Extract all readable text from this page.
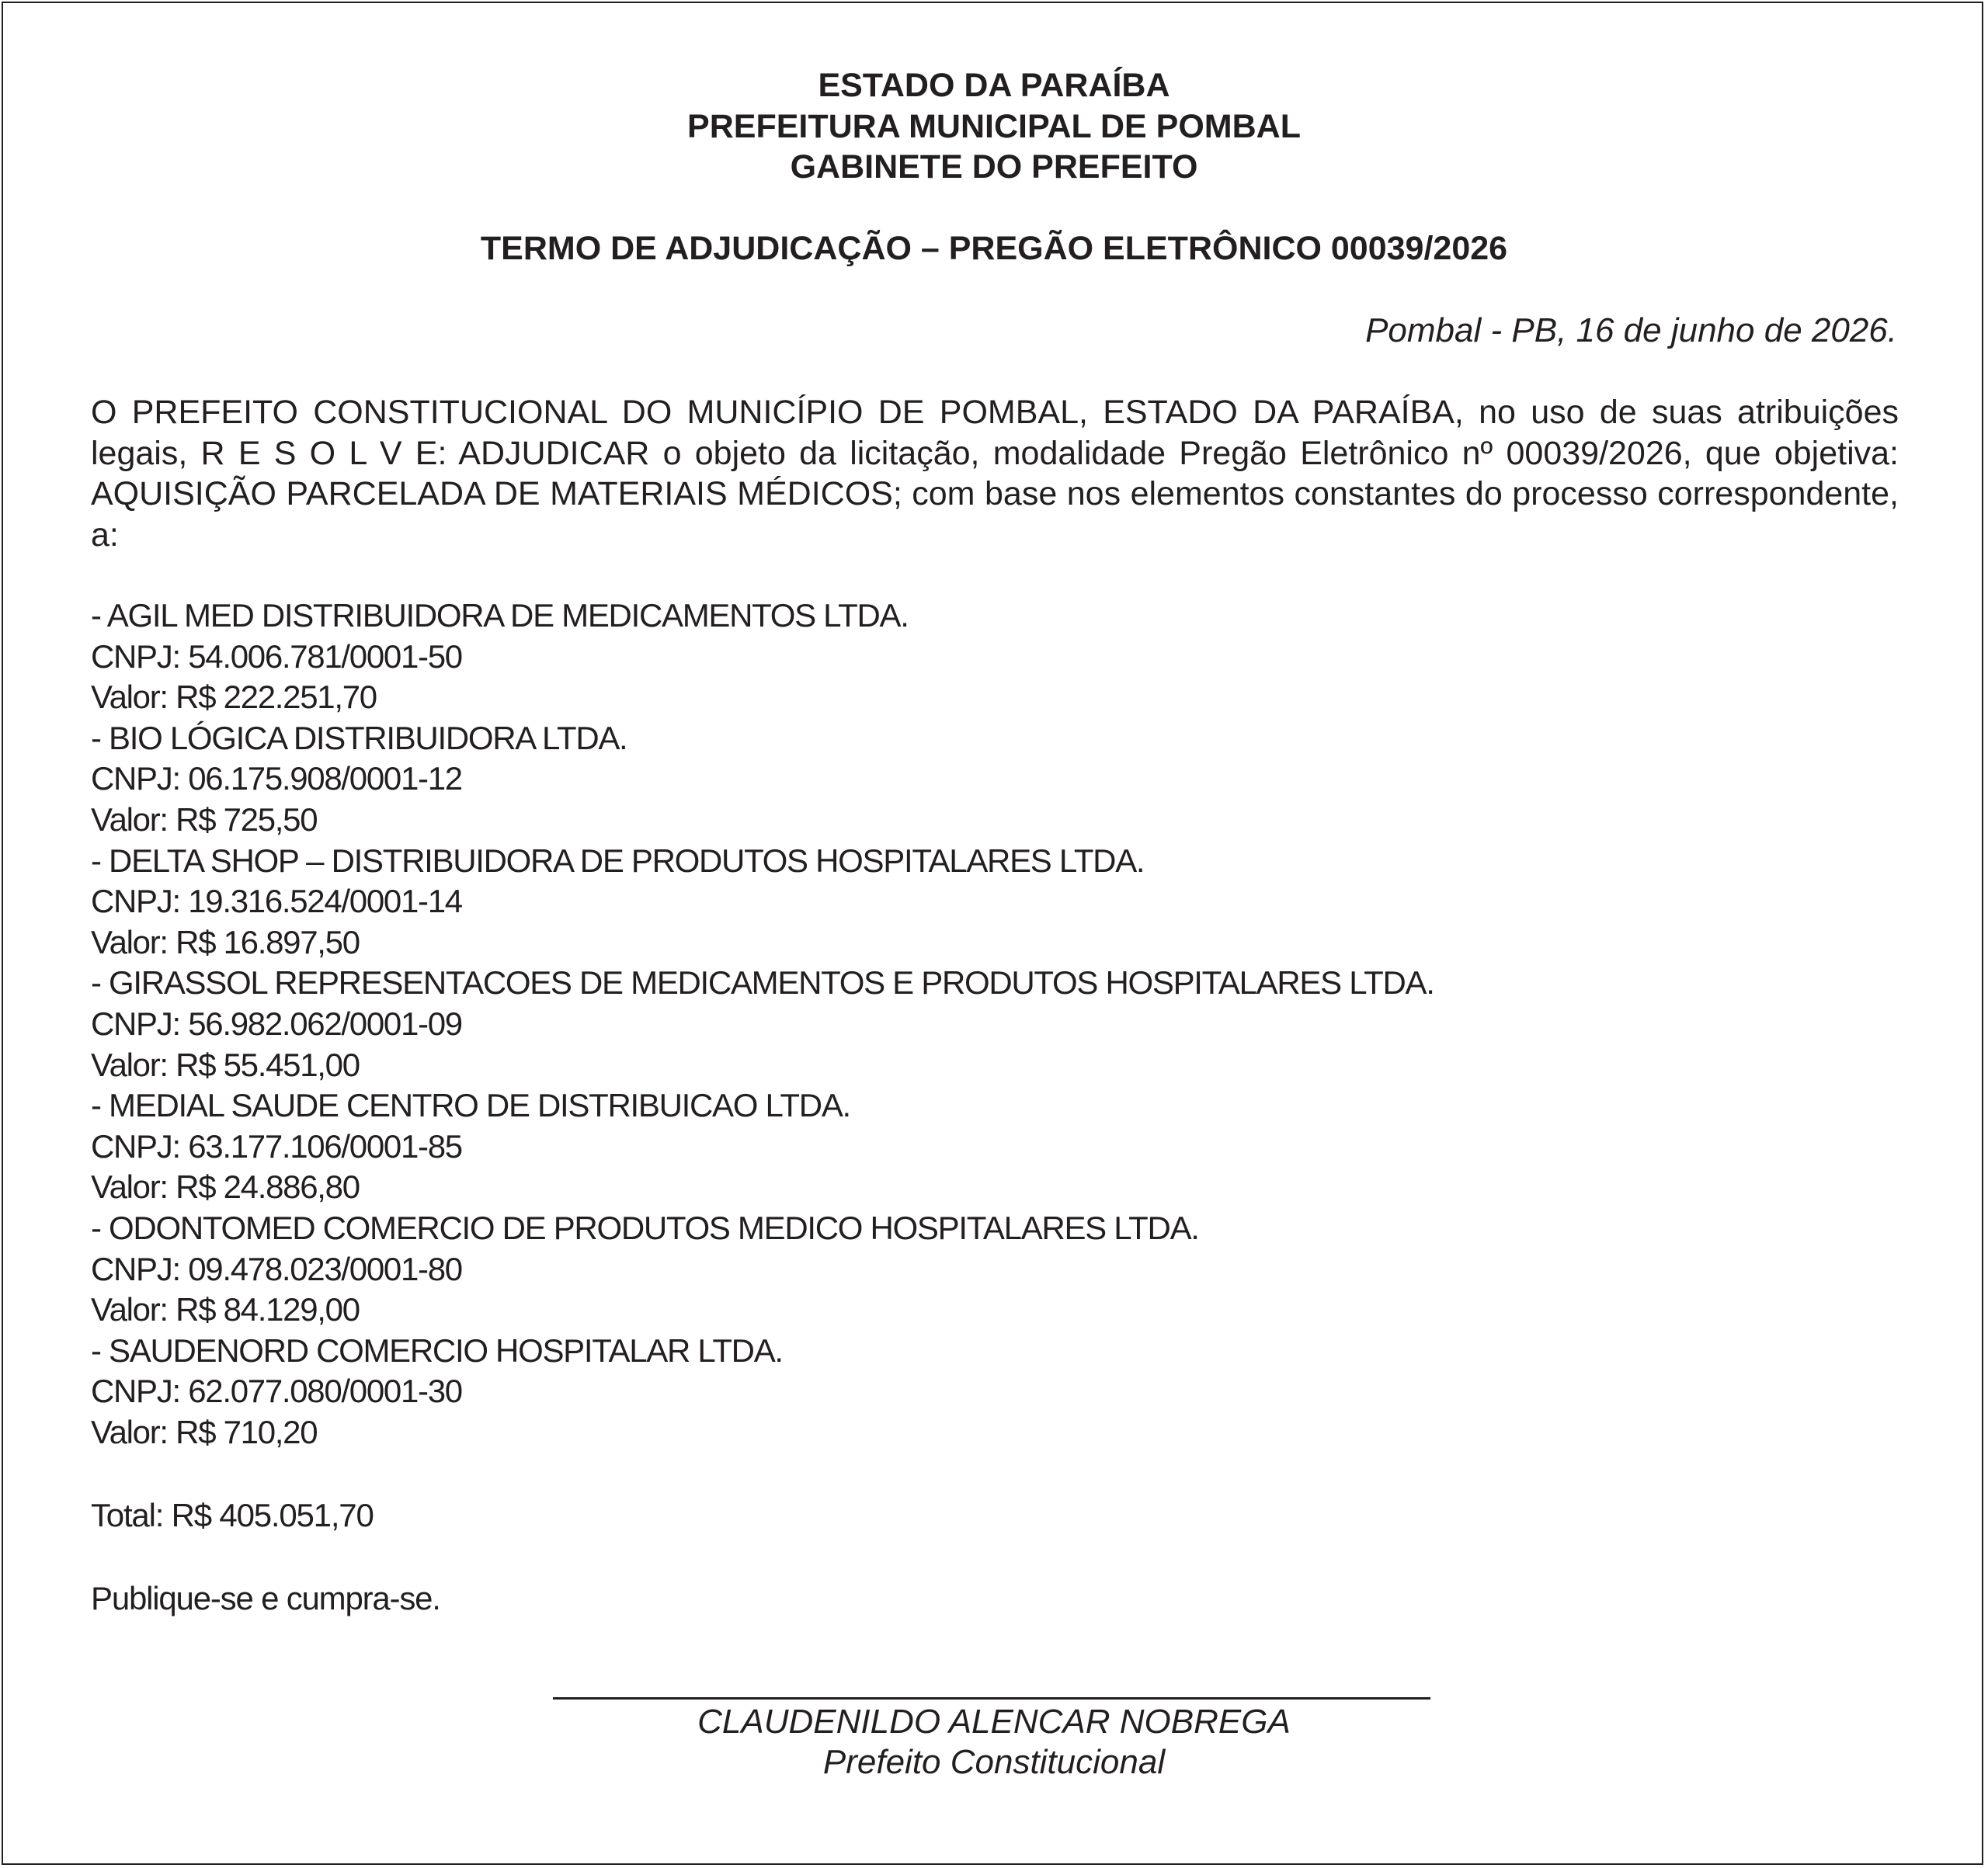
ESTADO DA PARAÍBA
PREFEITURA MUNICIPAL DE POMBAL
GABINETE DO PREFEITO
TERMO DE ADJUDICAÇÃO – PREGÃO ELETRÔNICO 00039/2026
Pombal - PB, 16 de junho de 2026.

O PREFEITO CONSTITUCIONAL DO MUNICÍPIO DE POMBAL, ESTADO DA PARAÍBA, no uso de suas atribuições legais, R E S O L V E: ADJUDICAR o objeto da licitação, modalidade Pregão Eletrônico nº 00039/2026, que objetiva: AQUISIÇÃO PARCELADA DE MATERIAIS MÉDICOS; com base nos elementos constantes do processo correspondente, a:

- AGIL MED DISTRIBUIDORA DE MEDICAMENTOS LTDA.
CNPJ: 54.006.781/0001-50
Valor: R$ 222.251,70
- BIO LÓGICA DISTRIBUIDORA LTDA.
CNPJ: 06.175.908/0001-12
Valor: R$ 725,50
- DELTA SHOP – DISTRIBUIDORA DE PRODUTOS HOSPITALARES LTDA.
CNPJ: 19.316.524/0001-14
Valor: R$ 16.897,50
- GIRASSOL REPRESENTACOES DE MEDICAMENTOS E PRODUTOS HOSPITALARES LTDA.
CNPJ: 56.982.062/0001-09
Valor: R$ 55.451,00
- MEDIAL SAUDE CENTRO DE DISTRIBUICAO LTDA.
CNPJ: 63.177.106/0001-85
Valor: R$ 24.886,80
- ODONTOMED COMERCIO DE PRODUTOS MEDICO HOSPITALARES LTDA.
CNPJ: 09.478.023/0001-80
Valor: R$ 84.129,00
- SAUDENORD COMERCIO HOSPITALAR LTDA.
CNPJ: 62.077.080/0001-30
Valor: R$ 710,20
Total: R$ 405.051,70
Publique-se e cumpra-se.
CLAUDENILDO ALENCAR NOBREGA
Prefeito Constitucional
